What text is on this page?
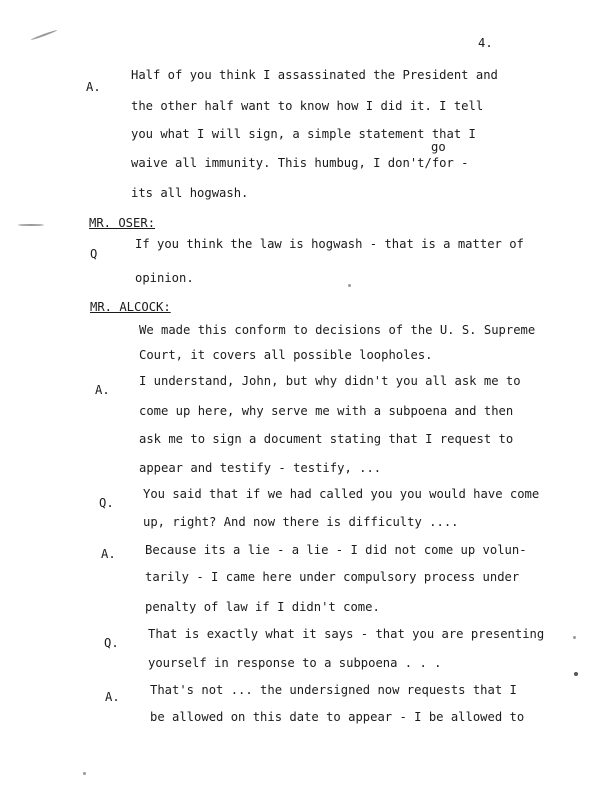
4.
A.
Half of you think I assassinated the President and
the other half want to know how I did it. I tell
you what I will sign, a simple statement that I
go
waive all immunity. This humbug, I don't/for -
its all hogwash.
MR. OSER:
Q
If you think the law is hogwash - that is a matter of
opinion.
MR. ALCOCK:
We made this conform to decisions of the U. S. Supreme
Court, it covers all possible loopholes.
A.
I understand, John, but why didn't you all ask me to
come up here, why serve me with a subpoena and then
ask me to sign a document stating that I request to
appear and testify - testify, ...
Q.
You said that if we had called you you would have come
up, right? And now there is difficulty ....
A. Because its a lie - a lie - I did not come up volun-
tarily - I came here under compulsory process under
penalty of law if I didn't come.
Q.
That is exactly what it says - that you are presenting
yourself in response to a subpoena . . .
A. That's not ... the undersigned now requests that I
be allowed on this date to appear - I be allowed to
